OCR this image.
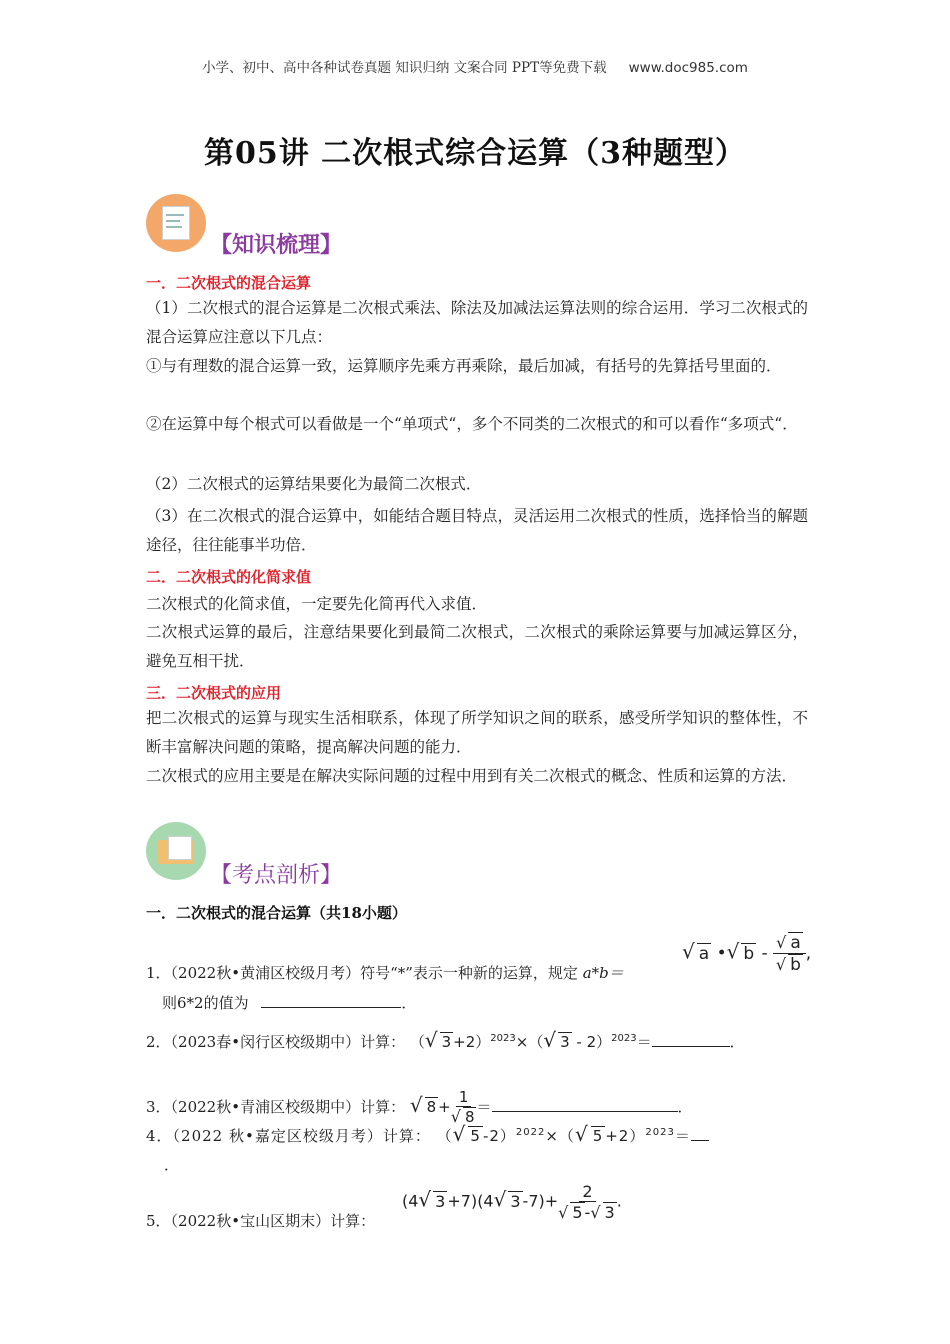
小学、初中、高中各种试卷真题 知识归纳 文案合同 PPT等免费下载 www.doc985.com
第05讲 二次根式综合运算（3种题型）
【知识梳理】
一．二次根式的混合运算
（1）二次根式的混合运算是二次根式乘法、除法及加减法运算法则的综合运用．学习二次根式的混合运算应注意以下几点：
①与有理数的混合运算一致，运算顺序先乘方再乘除，最后加减，有括号的先算括号里面的．
②在运算中每个根式可以看做是一个“单项式“，多个不同类的二次根式的和可以看作“多项式“．
（2）二次根式的运算结果要化为最简二次根式．
（3）在二次根式的混合运算中，如能结合题目特点，灵活运用二次根式的性质，选择恰当的解题途径，往往能事半功倍．
二．二次根式的化简求值
二次根式的化简求值，一定要先化简再代入求值．
二次根式运算的最后，注意结果要化到最简二次根式，二次根式的乘除运算要与加减运算区分，避免互相干扰．
三．二次根式的应用
把二次根式的运算与现实生活相联系，体现了所学知识之间的联系，感受所学知识的整体性，不断丰富解决问题的策略，提高解决问题的能力．
二次根式的应用主要是在解决实际问题的过程中用到有关二次根式的概念、性质和运算的方法．
【考点剖析】
一．二次根式的混合运算（共18小题）
1．（2022秋•黄浦区校级月考）符号“*”表示一种新的运算，规定 a*b＝
√ a •√ b - $\frac{√ a}{√ b}$ ,
则6*2的值为	．
2．（2023春•闵行区校级期中）计算： （√ 3 +2）$^{2023}$×（√ 3 - 2）$^{2023}$＝	．
3．（2022秋•青浦区校级期中）计算： √ $8 + \frac{1}{√ 8}$ ＝	．
4．（2022 秋•嘉定区校级月考）计算： （√ 5 -2）$^{2022}$×（√ 5 +2）$^{2023}$＝
．
5．（2022秋•宝山区期末）计算：
(4√ 3 +7)(4√ 3 $-7)+ \frac{2}{√ 5 -√ 3}$ .
